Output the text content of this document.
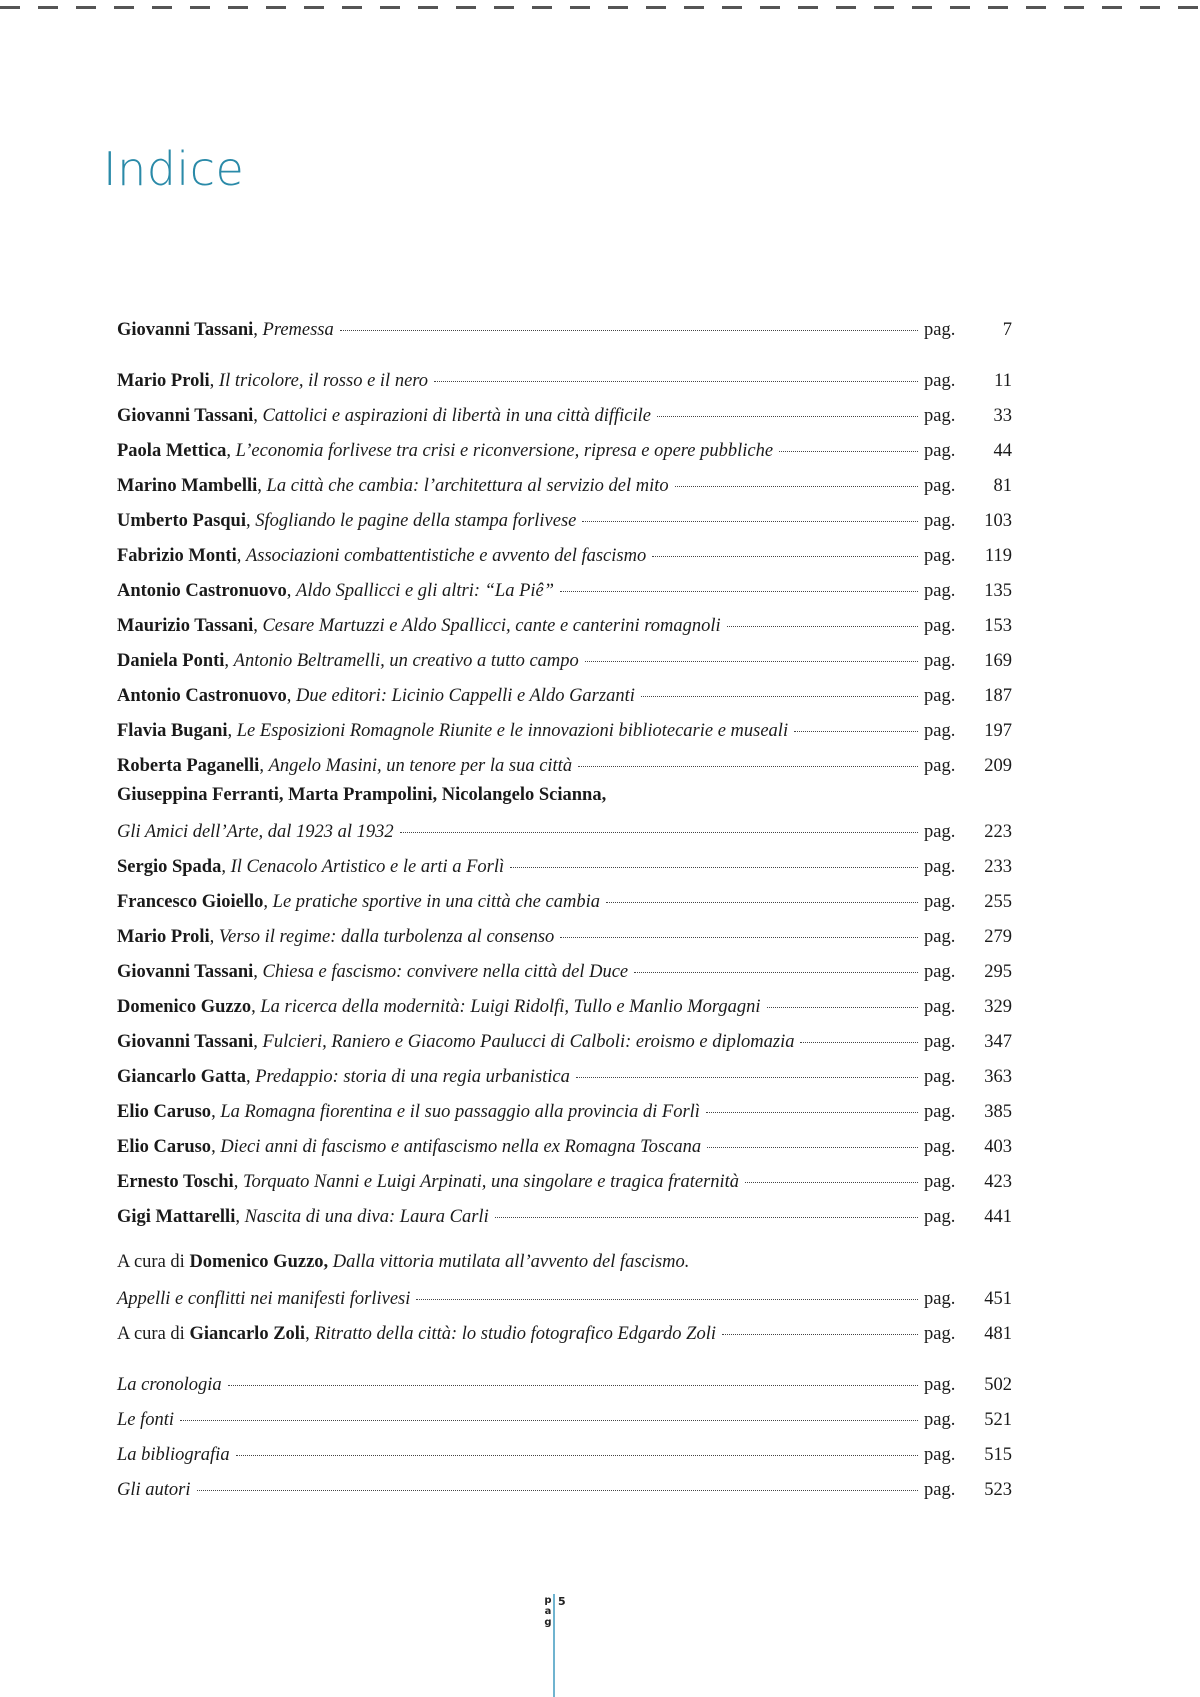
Indice
Giovanni Tassani, Premessa	pag.	7
Mario Proli, Il tricolore, il rosso e il nero	pag.	11
Giovanni Tassani, Cattolici e aspirazioni di libertà in una città difficile	pag.	33
Paola Mettica, L’economia forlivese tra crisi e riconversione, ripresa e opere pubbliche	pag.	44
Marino Mambelli, La città che cambia: l’architettura al servizio del mito	pag.	81
Umberto Pasqui, Sfogliando le pagine della stampa forlivese	pag.	103
Fabrizio Monti, Associazioni combattentistiche e avvento del fascismo	pag.	119
Antonio Castronuovo, Aldo Spallicci e gli altri: “La Piê”	pag.	135
Maurizio Tassani, Cesare Martuzzi e Aldo Spallicci, cante e canterini romagnoli	pag.	153
Daniela Ponti, Antonio Beltramelli, un creativo a tutto campo	pag.	169
Antonio Castronuovo, Due editori: Licinio Cappelli e Aldo Garzanti	pag.	187
Flavia Bugani, Le Esposizioni Romagnole Riunite e le innovazioni bibliotecarie e museali	pag.	197
Roberta Paganelli, Angelo Masini, un tenore per la sua città	pag.	209
Giuseppina Ferranti, Marta Prampolini, Nicolangelo Scianna,
Gli Amici dell’Arte, dal 1923 al 1932	pag.	223
Sergio Spada, Il Cenacolo Artistico e le arti a Forlì	pag.	233
Francesco Gioiello, Le pratiche sportive in una città che cambia	pag.	255
Mario Proli, Verso il regime: dalla turbolenza al consenso	pag.	279
Giovanni Tassani, Chiesa e fascismo: convivere nella città del Duce	pag.	295
Domenico Guzzo, La ricerca della modernità: Luigi Ridolfi, Tullo e Manlio Morgagni	pag.	329
Giovanni Tassani, Fulcieri, Raniero e Giacomo Paulucci di Calboli: eroismo e diplomazia	pag.	347
Giancarlo Gatta, Predappio: storia di una regia urbanistica	pag.	363
Elio Caruso, La Romagna fiorentina e il suo passaggio alla provincia di Forlì	pag.	385
Elio Caruso, Dieci anni di fascismo e antifascismo nella ex Romagna Toscana	pag.	403
Ernesto Toschi, Torquato Nanni e Luigi Arpinati, una singolare e tragica fraternità	pag.	423
Gigi Mattarelli, Nascita di una diva: Laura Carli	pag.	441
A cura di Domenico Guzzo, Dalla vittoria mutilata all’avvento del fascismo.
Appelli e conflitti nei manifesti forlivesi	pag.	451
A cura di Giancarlo Zoli, Ritratto della città: lo studio fotografico Edgardo Zoli	pag.	481
La cronologia	pag.	502
Le fonti	pag.	521
La bibliografia	pag.	515
Gli autori	pag.	523
p
a
g
5
